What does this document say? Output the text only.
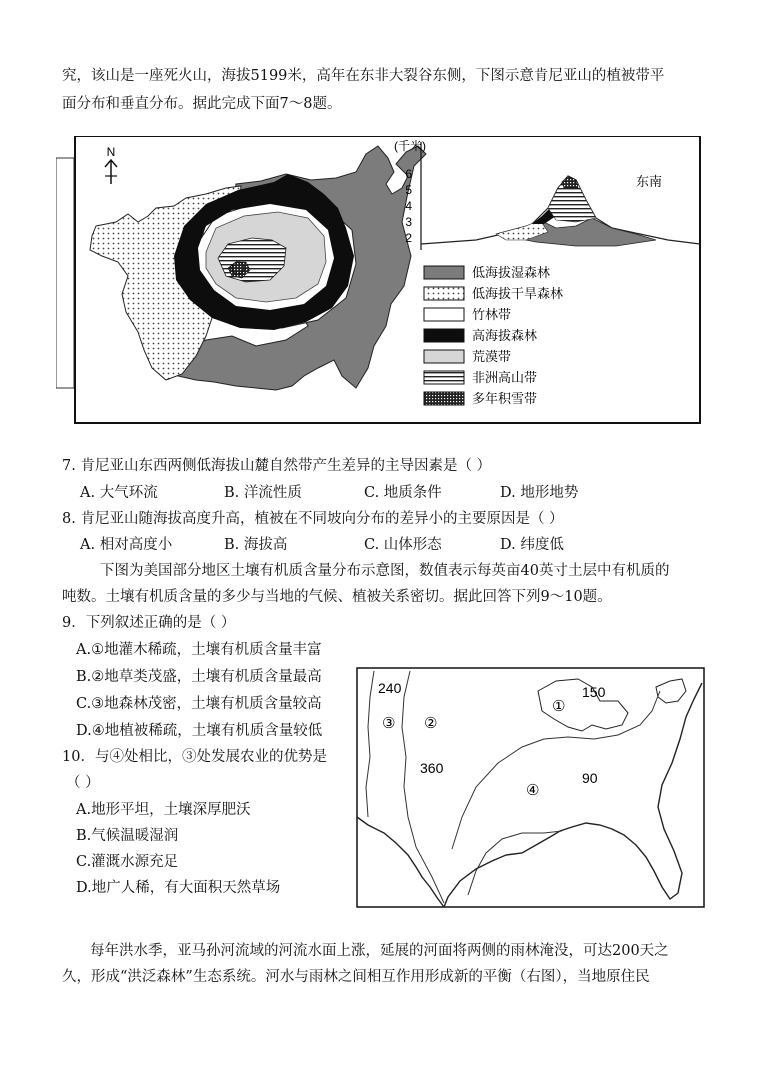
究，该山是一座死火山，海拔5199米，高年在东非大裂谷东侧，下图示意肯尼亚山的植被带平
面分布和垂直分布。据此完成下面7～8题。
N	(千米)
6
5
4
3
2
东南
低海拔湿森林
低海拔干旱森林
竹林带
高海拔森林
荒漠带
非洲高山带
多年积雪带
7. 肯尼亚山东西两侧低海拔山麓自然带产生差异的主导因素是（ ）
A. 大气环流	B. 洋流性质	C. 地质条件	D. 地形地势
8. 肯尼亚山随海拔高度升高，植被在不同坡向分布的差异小的主要原因是（ ）
A. 相对高度小	B. 海拔高	C. 山体形态	D. 纬度低
下图为美国部分地区土壤有机质含量分布示意图，数值表示每英亩40英寸土层中有机质的
吨数。土壤有机质含量的多少与当地的气候、植被关系密切。据此回答下列9～10题。
9．下列叙述正确的是（ ）
A.①地灌木稀疏，土壤有机质含量丰富
B.②地草类茂盛，土壤有机质含量最高
C.③地森林茂密，土壤有机质含量较高
D.④地植被稀疏，土壤有机质含量较低
10．与④处相比，③处发展农业的优势是
（ ）
A.地形平坦，土壤深厚肥沃
B.气候温暖湿润
C.灌溉水源充足
D.地广人稀，有大面积天然草场
240
360
150
90
①
②
③
④
每年洪水季，亚马孙河流域的河流水面上涨，延展的河面将两侧的雨林淹没，可达200天之
久，形成“洪泛森林”生态系统。河水与雨林之间相互作用形成新的平衡（右图），当地原住民
